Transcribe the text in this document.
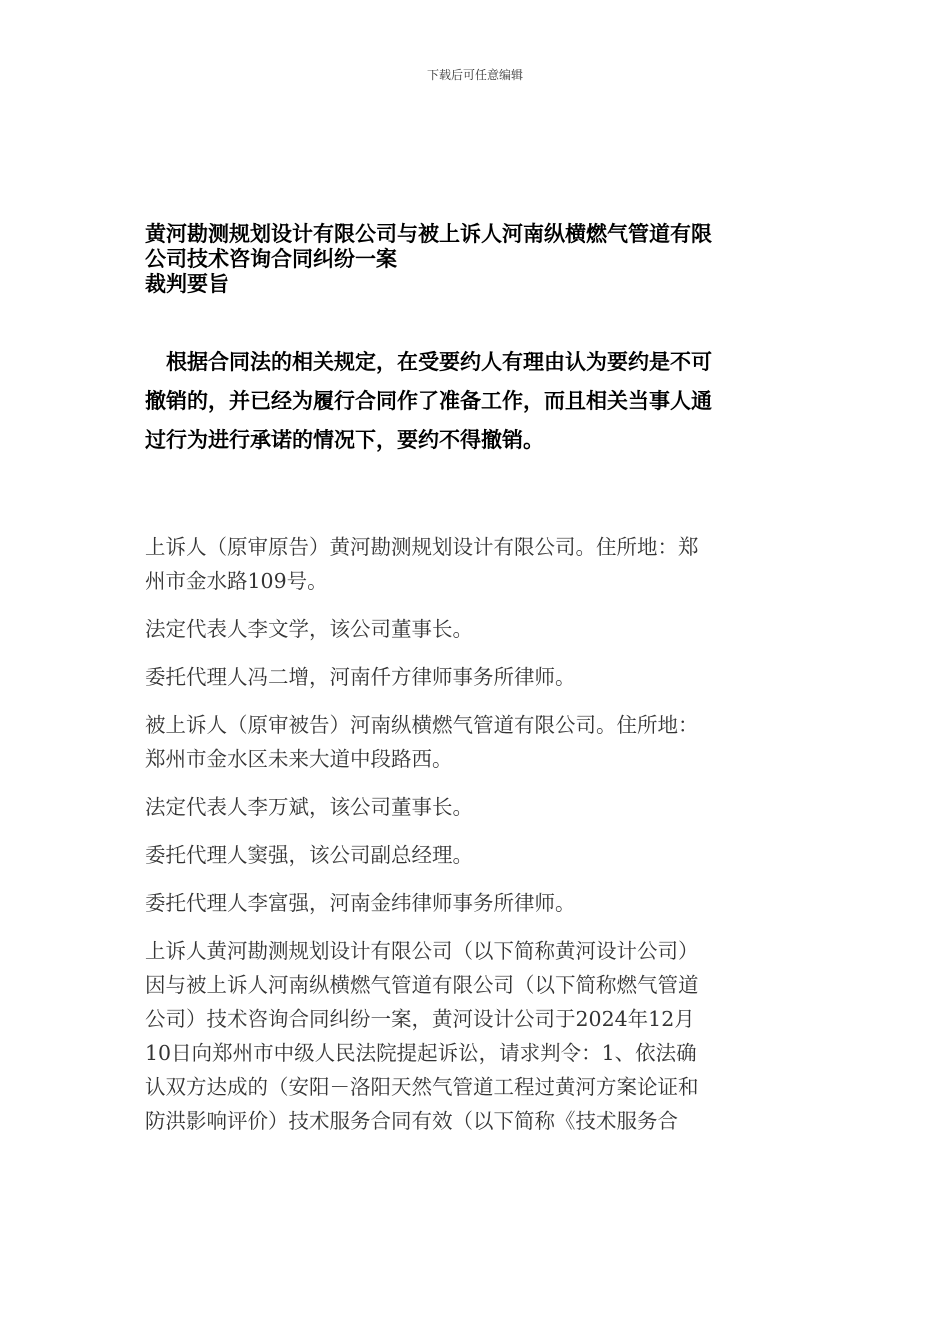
下载后可任意编辑
黄河勘测规划设计有限公司与被上诉人河南纵横燃气管道有限
公司技术咨询合同纠纷一案
裁判要旨
　根据合同法的相关规定，在受要约人有理由认为要约是不可
撤销的，并已经为履行合同作了准备工作，而且相关当事人通
过行为进行承诺的情况下，要约不得撤销。
上诉人（原审原告）黄河勘测规划设计有限公司。住所地：郑
州市金水路109号。
法定代表人李文学，该公司董事长。
委托代理人冯二增，河南仟方律师事务所律师。
被上诉人（原审被告）河南纵横燃气管道有限公司。住所地：
郑州市金水区未来大道中段路西。
法定代表人李万斌，该公司董事长。
委托代理人窦强，该公司副总经理。
委托代理人李富强，河南金纬律师事务所律师。
上诉人黄河勘测规划设计有限公司（以下简称黄河设计公司）
因与被上诉人河南纵横燃气管道有限公司（以下简称燃气管道
公司）技术咨询合同纠纷一案，黄河设计公司于2024年12月
10日向郑州市中级人民法院提起诉讼，请求判令：1、依法确
认双方达成的（安阳－洛阳天然气管道工程过黄河方案论证和
防洪影响评价）技术服务合同有效（以下简称《技术服务合
